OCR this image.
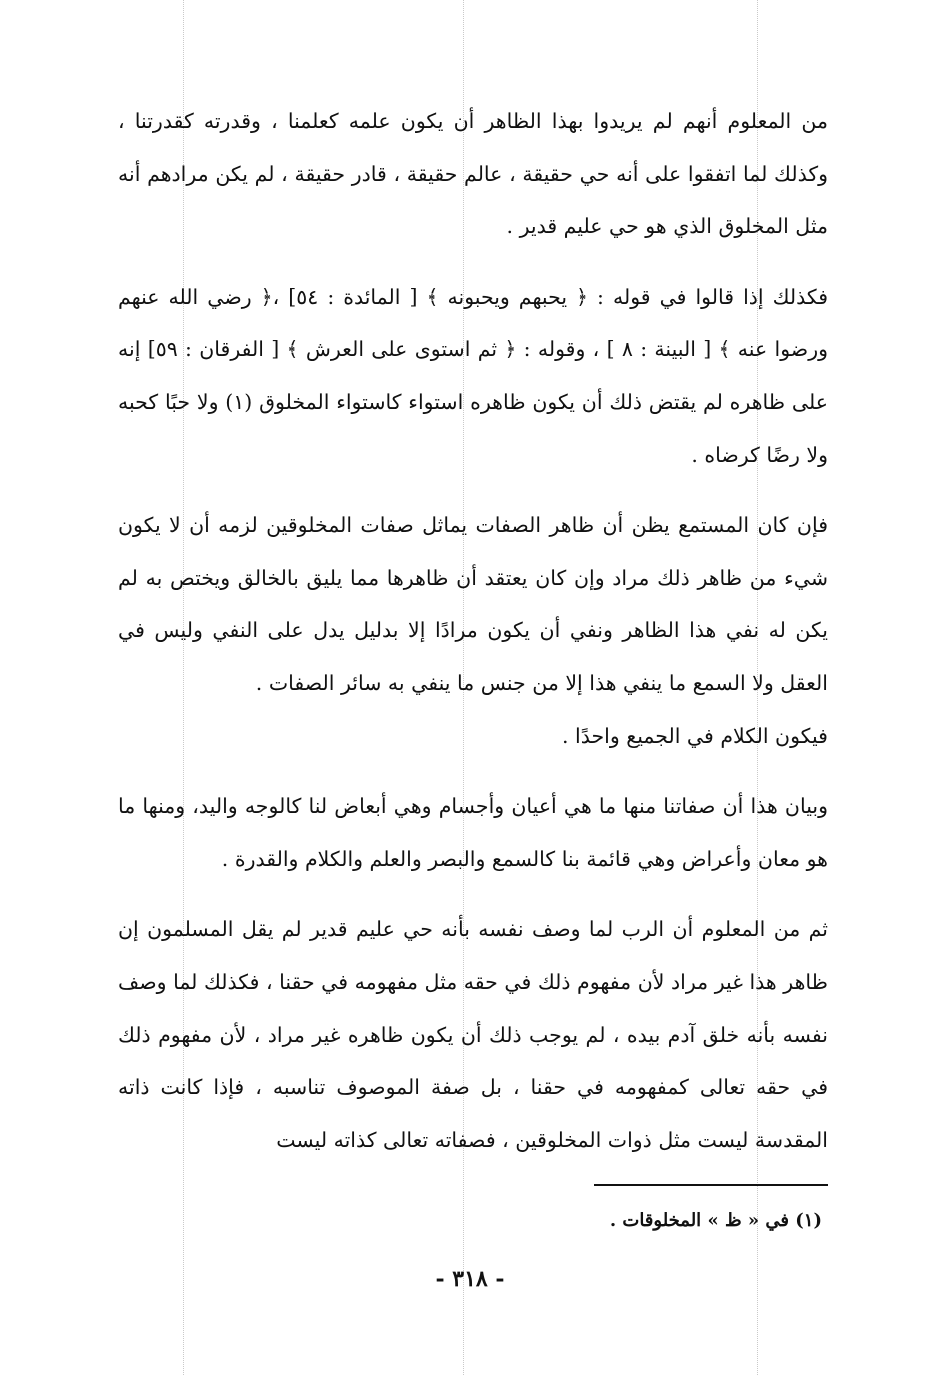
من المعلوم أنهم لم يريدوا بهذا الظاهر أن يكون علمه كعلمنا ، وقدرته كقدرتنا ، وكذلك لما اتفقوا على أنه حي حقيقة ، عالم حقيقة ، قادر حقيقة ، لم يكن مرادهم أنه مثل المخلوق الذي هو حي عليم قدير .

فكذلك إذا قالوا في قوله : ﴿ يحبهم ويحبونه ﴾ [ المائدة : ٥٤] ،﴿ رضي الله عنهم ورضوا عنه ﴾ [ البينة : ٨ ] ، وقوله : ﴿ ثم استوى على العرش ﴾ [ الفرقان : ٥٩] إنه على ظاهره لم يقتض ذلك أن يكون ظاهره استواء كاستواء المخلوق (١) ولا حبًا كحبه ولا رضًا كرضاه .

فإن كان المستمع يظن أن ظاهر الصفات يماثل صفات المخلوقين لزمه أن لا يكون شيء من ظاهر ذلك مراد وإن كان يعتقد أن ظاهرها مما يليق بالخالق ويختص به لم يكن له نفي هذا الظاهر ونفي أن يكون مرادًا إلا بدليل يدل على النفي وليس في العقل ولا السمع ما ينفي هذا إلا من جنس ما ينفي به سائر الصفات .

فيكون الكلام في الجميع واحدًا .

وبيان هذا أن صفاتنا منها ما هي أعيان وأجسام وهي أبعاض لنا كالوجه واليد، ومنها ما هو معان وأعراض وهي قائمة بنا كالسمع والبصر والعلم والكلام والقدرة .

ثم من المعلوم أن الرب لما وصف نفسه بأنه حي عليم قدير لم يقل المسلمون إن ظاهر هذا غير مراد لأن مفهوم ذلك في حقه مثل مفهومه في حقنا ، فكذلك لما وصف نفسه بأنه خلق آدم بيده ، لم يوجب ذلك أن يكون ظاهره غير مراد ، لأن مفهوم ذلك في حقه تعالى كمفهومه في حقنا ، بل صفة الموصوف تناسبه ، فإذا كانت ذاته المقدسة ليست مثل ذوات المخلوقين ، فصفاته تعالى كذاته ليست

(١) في « ظ » المخلوقات .
- ٣١٨ -
